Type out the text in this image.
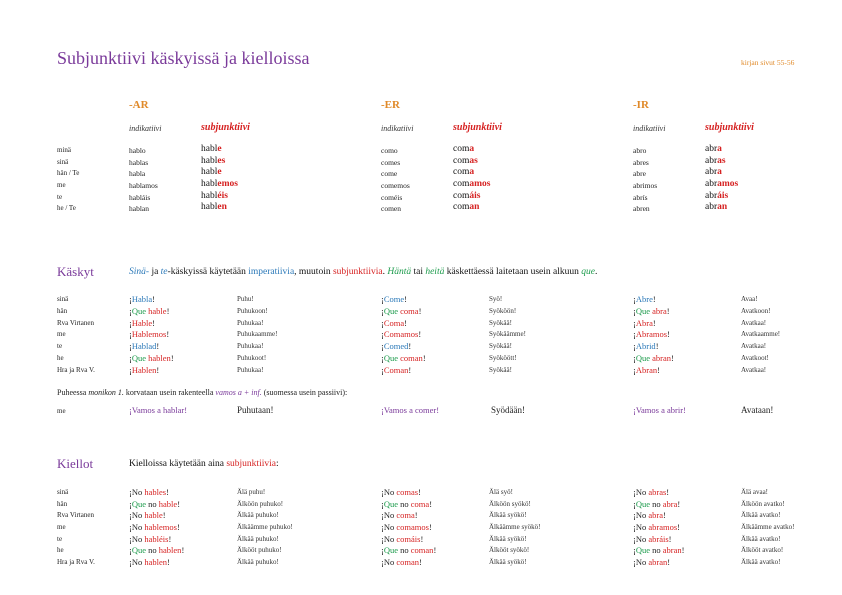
Subjunktiivi käskyissä ja kielloissa	kirjan sivut 55-56
-AR	-ER	-IR
indikatiivi	subjunktiivi	indikatiivi	subjunktiivi	indikatiivi	subjunktiivi
minä	hablo	hable	como	coma	abro	abra
sinä	hablas	hables	comes	comas	abres	abras
hän / Te	habla	hable	come	coma	abre	abra
me	hablamos	hablemos	comemos	comamos	abrimos	abramos
te	habláis	habléis	coméis	comáis	abrís	abráis
he / Te	hablan	hablen	comen	coman	abren	abran
Käskyt	Sinä- ja te-käskyissä käytetään imperatiivia, muutoin subjunktiivia. Häntä tai heitä käskettäessä laitetaan usein alkuun que.
sinä	¡Habla!	Puhu!	¡Come!	Syö!	¡Abre!	Avaa!
hän	¡Que hable!	Puhukoon!	¡Que coma!	Syököön!	¡Que abra!	Avatkoon!
Rva Virtanen	¡Hable!	Puhukaa!	¡Coma!	Syökää!	¡Abra!	Avatkaa!
me	¡Hablemos!	Puhukaamme!	¡Comamos!	Syökäämme!	¡Abramos!	Avatkaamme!
te	¡Hablad!	Puhukaa!	¡Comed!	Syökää!	¡Abrid!	Avatkaa!
he	¡Que hablen!	Puhukoot!	¡Que coman!	Syököött!	¡Que abran!	Avatkoot!
Hra ja Rva V.	¡Hablen!	Puhukaa!	¡Coman!	Syökää!	¡Abran!	Avatkaa!
Puheessa monikon 1. korvataan usein rakenteella vamos a + inf. (suomessa usein passiivi):
me	¡Vamos a hablar!	Puhutaan!	¡Vamos a comer!	Syödään!	¡Vamos a abrir!	Avataan!
Kiellot	Kielloissa käytetään aina subjunktiivia:
sinä	¡No hables!	Älä puhu!	¡No comas!	Älä syö!	¡No abras!	Älä avaa!
hän	¡Que no hable!	Älköön puhuko!	¡Que no coma!	Älköön syökö!	¡Que no abra!	Älköön avatko!
Rva Virtanen	¡No hable!	Älkää puhuko!	¡No coma!	Älkää syökö!	¡No abra!	Älkää avatko!
me	¡No hablemos!	Älkäämme puhuko!	¡No comamos!	Älkäämme syökö!	¡No abramos!	Älkäämme avatko!
te	¡No habléis!	Älkää puhuko!	¡No comáis!	Älkää syökö!	¡No abráis!	Älkää avatko!
he	¡Que no hablen!	Älkööt puhuko!	¡Que no coman!	Älkööt syökö!	¡Que no abran!	Älkööt avatko!
Hra ja Rva V.	¡No hablen!	Älkää puhuko!	¡No coman!	Älkää syökö!	¡No abran!	Älkää avatko!
